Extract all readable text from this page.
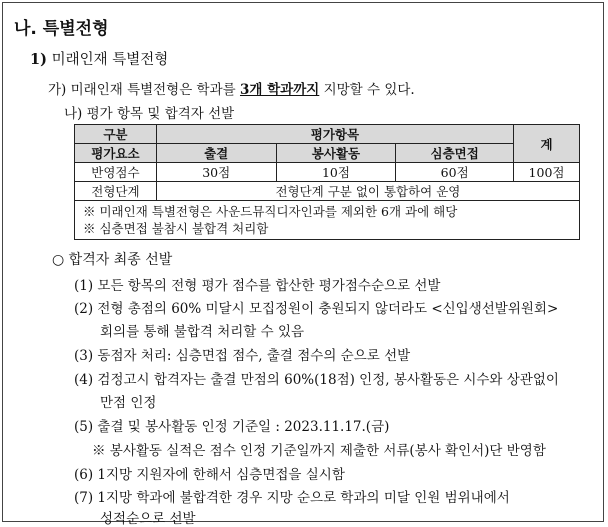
나. 특별전형
1) 미래인재 특별전형
가) 미래인재 특별전형은 학과를 3개 학과까지 지망할 수 있다.
나) 평가 항목 및 합격자 선발
구분	평가항목			계
평가요소	출결	봉사활동	심층면접	
반영점수	30점	10점	60점	100점
전형단계	전형단계 구분 없이 통합하여 운영			

※ 미래인재 특별전형은 사운드뮤직디자인과를 제외한 6개 과에 해당
※ 심층면접 불참시 불합격 처리함				
○ 합격자 최종 선발
(1) 모든 항목의 전형 평가 점수를 합산한 평가점수순으로 선발
(2) 전형 총점의 60% 미달시 모집정원이 충원되지 않더라도 <신입생선발위원회>
회의를 통해 불합격 처리할 수 있음
(3) 동점자 처리: 심층면접 점수, 출결 점수의 순으로 선발
(4) 검정고시 합격자는 출결 만점의 60%(18점) 인정, 봉사활동은 시수와 상관없이
만점 인정
(5) 출결 및 봉사활동 인정 기준일 : 2023.11.17.(금)
※ 봉사활동 실적은 점수 인정 기준일까지 제출한 서류(봉사 확인서)단 반영함
(6) 1지망 지원자에 한해서 심층면접을 실시함
(7) 1지망 학과에 불합격한 경우 지망 순으로 학과의 미달 인원 범위내에서
성적순으로 선발
